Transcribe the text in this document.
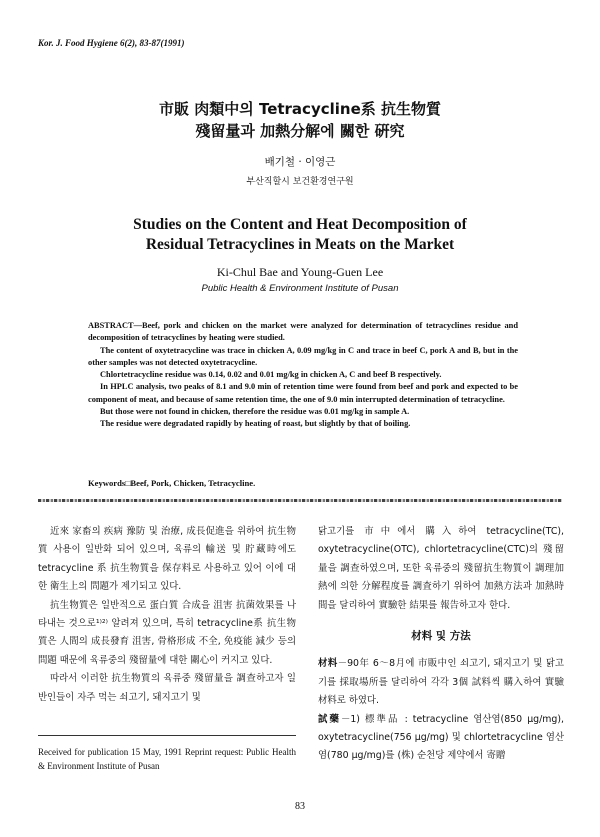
Kor. J. Food Hygiene 6(2), 83-87(1991)
市販 肉類中의 Tetracycline系 抗生物質
殘留量과 加熱分解에 關한 硏究
배기철 · 이영근
부산직할시 보건환경연구원
Studies on the Content and Heat Decomposition of
Residual Tetracyclines in Meats on the Market
Ki-Chul Bae and Young-Guen Lee
Public Health & Environment Institute of Pusan

ABSTRACT—Beef, pork and chicken on the market were analyzed for determination of tetracyclines residue and decomposition of tetracyclines by heating were studied.

The content of oxytetracycline was trace in chicken A, 0.09 mg/kg in C and trace in beef C, pork A and B, but in the other samples was not detected oxytetracycline.

Chlortetracycline residue was 0.14, 0.02 and 0.01 mg/kg in chicken A, C and beef B respectively.

In HPLC analysis, two peaks of 8.1 and 9.0 min of retention time were found from beef and pork and expected to be component of meat, and because of same retention time, the one of 9.0 min interrupted determination of tetracycline.

But those were not found in chicken, therefore the residue was 0.01 mg/kg in sample A.

The residue were degradated rapidly by heating of roast, but slightly by that of boiling.

Keywords□Beef, Pork, Chicken, Tetracycline.

近來 家畜의 疾病 豫防 및 治療, 成長促進을 위하여 抗生物質 사용이 일반화 되어 있으며, 육류의 輸送 및 貯藏時에도 tetracycline 系 抗生物質을 保存料로 사용하고 있어 이에 대한 衛生上의 問題가 제기되고 있다.

抗生物質은 일반적으로 蛋白質 合成을 沮害 抗菌效果를 나타내는 것으로¹⁾²⁾ 알려져 있으며, 특히 tetracycline系 抗生物質은 人間의 成長發育 沮害, 骨格形成 不全, 免疫能 減少 등의 問題 때문에 육류중의 殘留量에 대한 關心이 커지고 있다.

따라서 이러한 抗生物質의 육류중 殘留量을 調查하고자 일반인들이 자주 먹는 쇠고기, 돼지고기 및

닭고기를 市中에서 購入하여 tetracycline(TC), oxytetracycline(OTC), chlortetracycline(CTC)의 殘留量을 調查하였으며, 또한 육류중의 殘留抗生物質이 調理加熱에 의한 分解程度를 調査하기 위하여 加熱方法과 加熱時間을 달리하여 實驗한 結果를 報告하고자 한다.

材料 및 方法

材料－90年 6～8月에 市販中인 쇠고기, 돼지고기 및 닭고기를 採取場所를 달리하여 각각 3個 試料씩 購入하여 實驗材料로 하였다.

試藥－1) 標準品 : tetracycline 염산염(850 μg/mg), oxytetracycline(756 μg/mg) 및 chlortetracycline 염산염(780 μg/mg)를 (株) 순천당 제약에서 寄贈

Received for publication 15 May, 1991 Reprint request: Public Health & Environment Institute of Pusan
83
